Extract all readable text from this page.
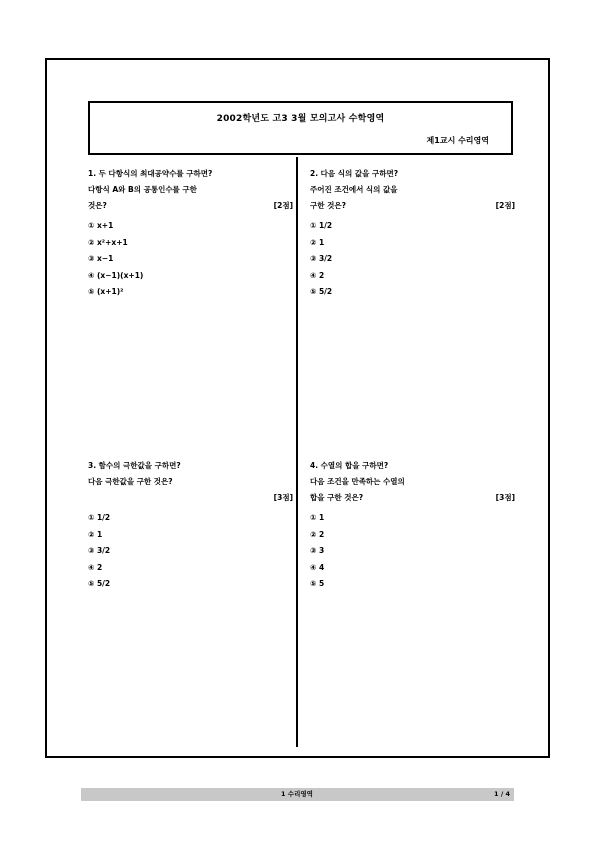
2002학년도 고3 3월 모의고사 수학영역
제1교시 수리영역
1. 두 다항식의 최대공약수를 구하면?
다항식 A와 B의 공통인수를 구한
것은?	[2점]
① x+1
② x²+x+1
③ x−1
④ (x−1)(x+1)
⑤ (x+1)²
2. 다음 식의 값을 구하면?
주어진 조건에서 식의 값을
구한 것은?	[2점]
① 1/2
② 1
③ 3/2
④ 2
⑤ 5/2
3. 함수의 극한값을 구하면?
다음 극한값을 구한 것은?
[3점]
① 1/2
② 1
③ 3/2
④ 2
⑤ 5/2
4. 수열의 합을 구하면?
다음 조건을 만족하는 수열의
합을 구한 것은?	[3점]
① 1
② 2
③ 3
④ 4
⑤ 5
1 수리영역	1 / 4
